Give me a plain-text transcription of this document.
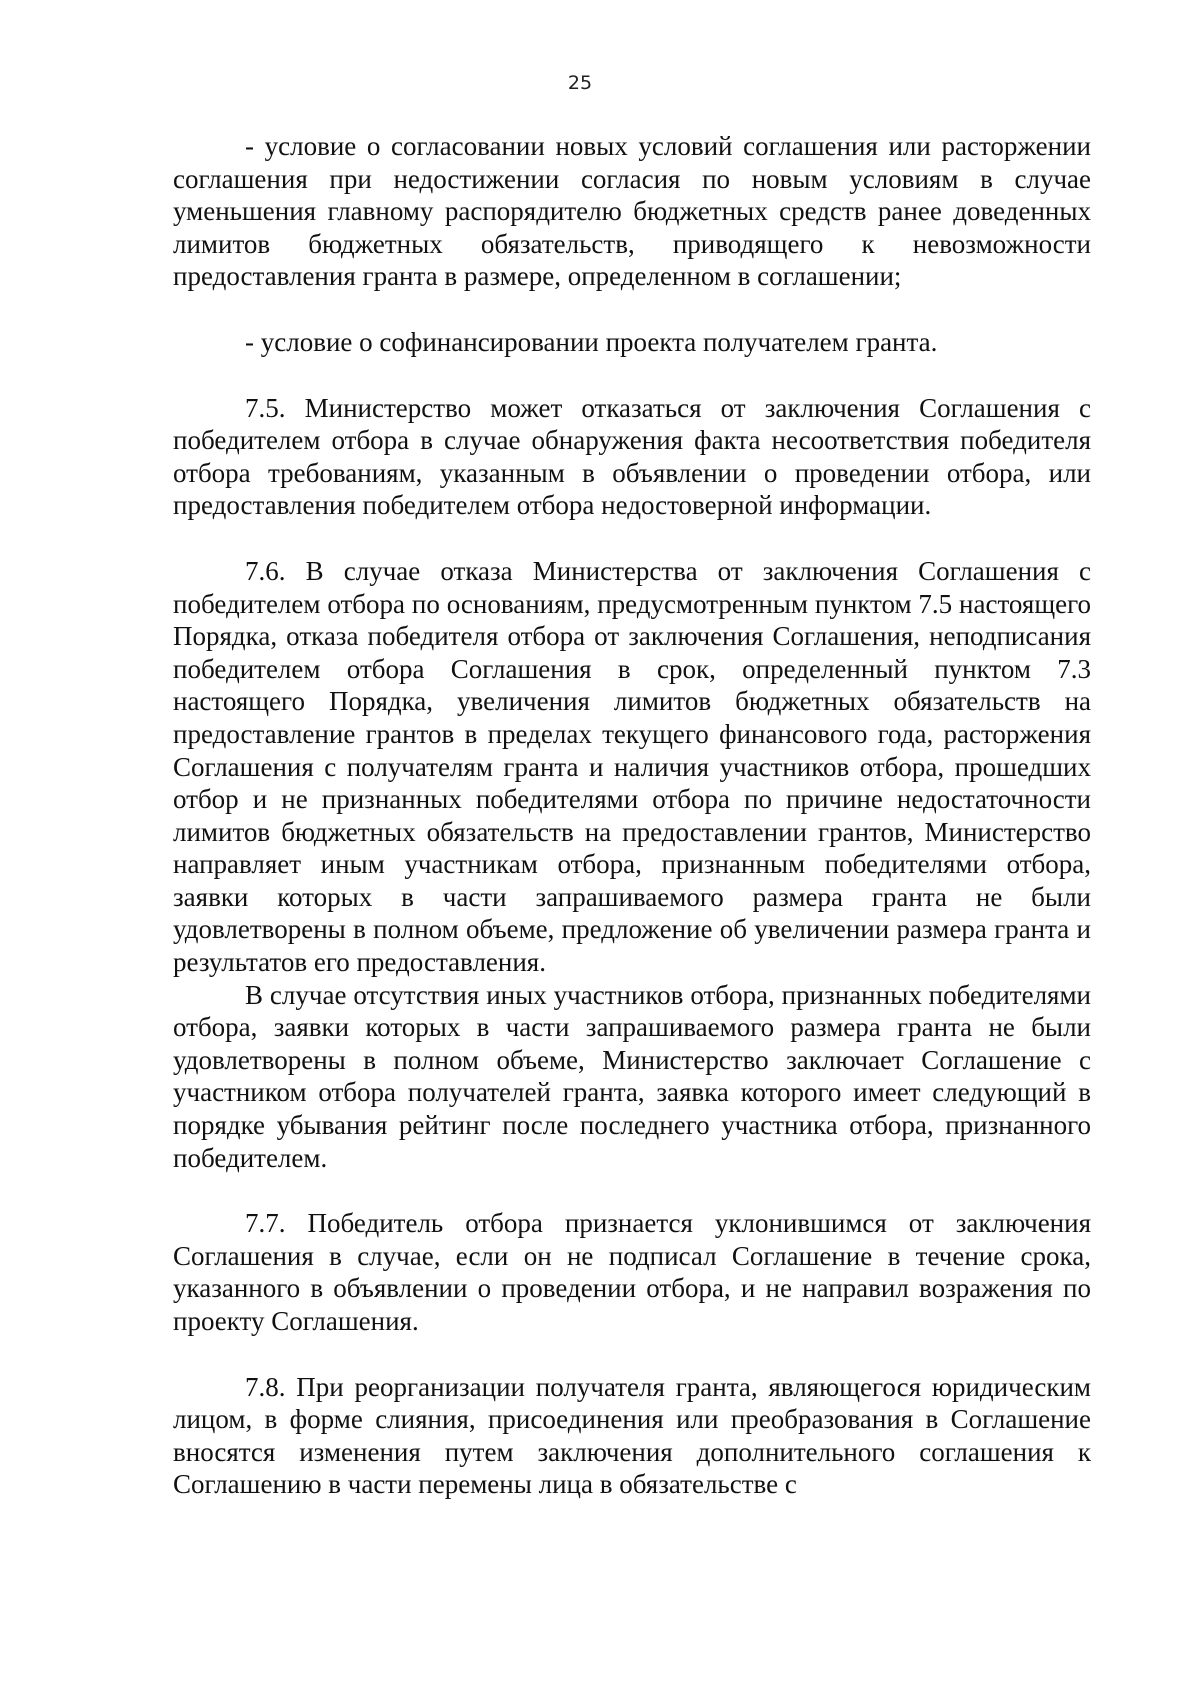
25

- условие о согласовании новых условий соглашения или расторжении соглашения при недостижении согласия по новым условиям в случае уменьшения главному распорядителю бюджетных средств ранее доведенных лимитов бюджетных обязательств, приводящего к невозможности предоставления гранта в размере, определенном в соглашении;

- условие о софинансировании проекта получателем гранта.

7.5. Министерство может отказаться от заключения Соглашения с победителем отбора в случае обнаружения факта несоответствия победителя отбора требованиям, указанным в объявлении о проведении отбора, или предоставления победителем отбора недостоверной информации.

7.6. В случае отказа Министерства от заключения Соглашения с победителем отбора по основаниям, предусмотренным пунктом 7.5 настоящего Порядка, отказа победителя отбора от заключения Соглашения, неподписания победителем отбора Соглашения в срок, определенный пунктом 7.3 настоящего Порядка, увеличения лимитов бюджетных обязательств на предоставление грантов в пределах текущего финансового года, расторжения Соглашения с получателям гранта и наличия участников отбора, прошедших отбор и не признанных победителями отбора по причине недостаточности лимитов бюджетных обязательств на предоставлении грантов, Министерство направляет иным участникам отбора, признанным победителями отбора, заявки которых в части запрашиваемого размера гранта не были удовлетворены в полном объеме, предложение об увеличении размера гранта и результатов его предоставления.

В случае отсутствия иных участников отбора, признанных победителями отбора, заявки которых в части запрашиваемого размера гранта не были удовлетворены в полном объеме, Министерство заключает Соглашение с участником отбора получателей гранта, заявка которого имеет следующий в порядке убывания рейтинг после последнего участника отбора, признанного победителем.

7.7. Победитель отбора признается уклонившимся от заключения Соглашения в случае, если он не подписал Соглашение в течение срока, указанного в объявлении о проведении отбора, и не направил возражения по проекту Соглашения.

7.8. При реорганизации получателя гранта, являющегося юридическим лицом, в форме слияния, присоединения или преобразования в Соглашение вносятся изменения путем заключения дополнительного соглашения к Соглашению в части перемены лица в обязательстве с
